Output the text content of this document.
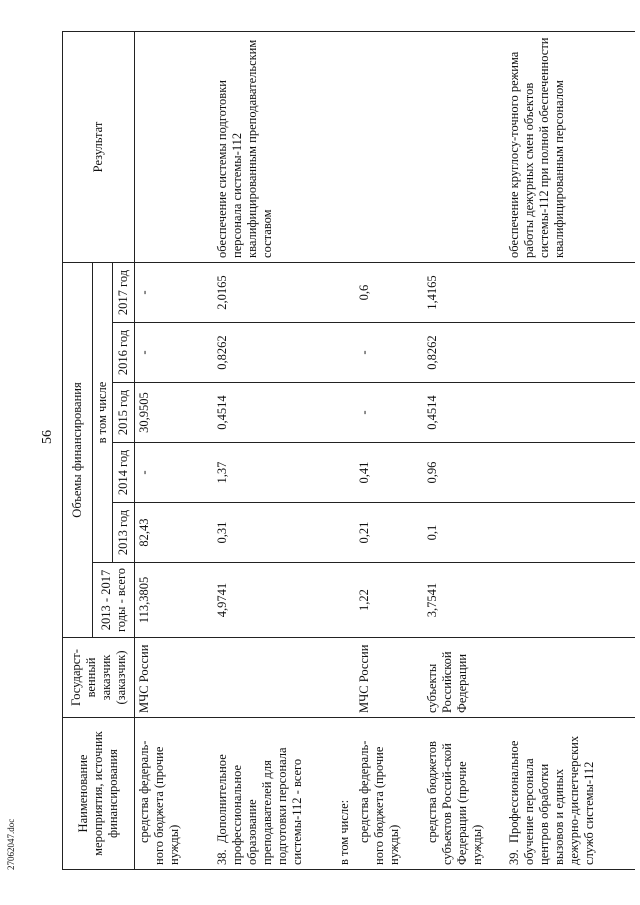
56
Наименование мероприятия, источник финансирования	Государст-венный заказчик (заказчик)	Объемы финансирования						Результат
		2013 - 2017 годы - всего	в том числе					
			2013 год	2014 год	2015 год	2016 год	2017 год	
средства федераль-ного бюджета (прочие нужды)	МЧС России	113,3805	82,43	-	30,9505	-	-	
38.Дополнительное профессиональное образование преподавателей для подготовки персонала системы-112 - всего		4,9741	0,31	1,37	0,4514	0,8262	2,0165	обеспечение системы подготовки персонала системы-112 квалифицированным преподавательским составом
в том числе:								
средства федераль-ного бюджета (прочие нужды)	МЧС России	1,22	0,21	0,41	-	-	0,6	
средства бюджетов субъектов Россий-ской Федерации (прочие нужды)	субъекты Российской Федерации	3,7541	0,1	0,96	0,4514	0,8262	1,4165	
39.Профессиональное обучение персонала центров обработки вызовов и единых дежурно-диспетчерских служб системы-112								обеспечение круглосу-точного режима работы дежурных смен объектов системы-112 при полной обеспеченности квалифицированным персоналом
27062047.doc
